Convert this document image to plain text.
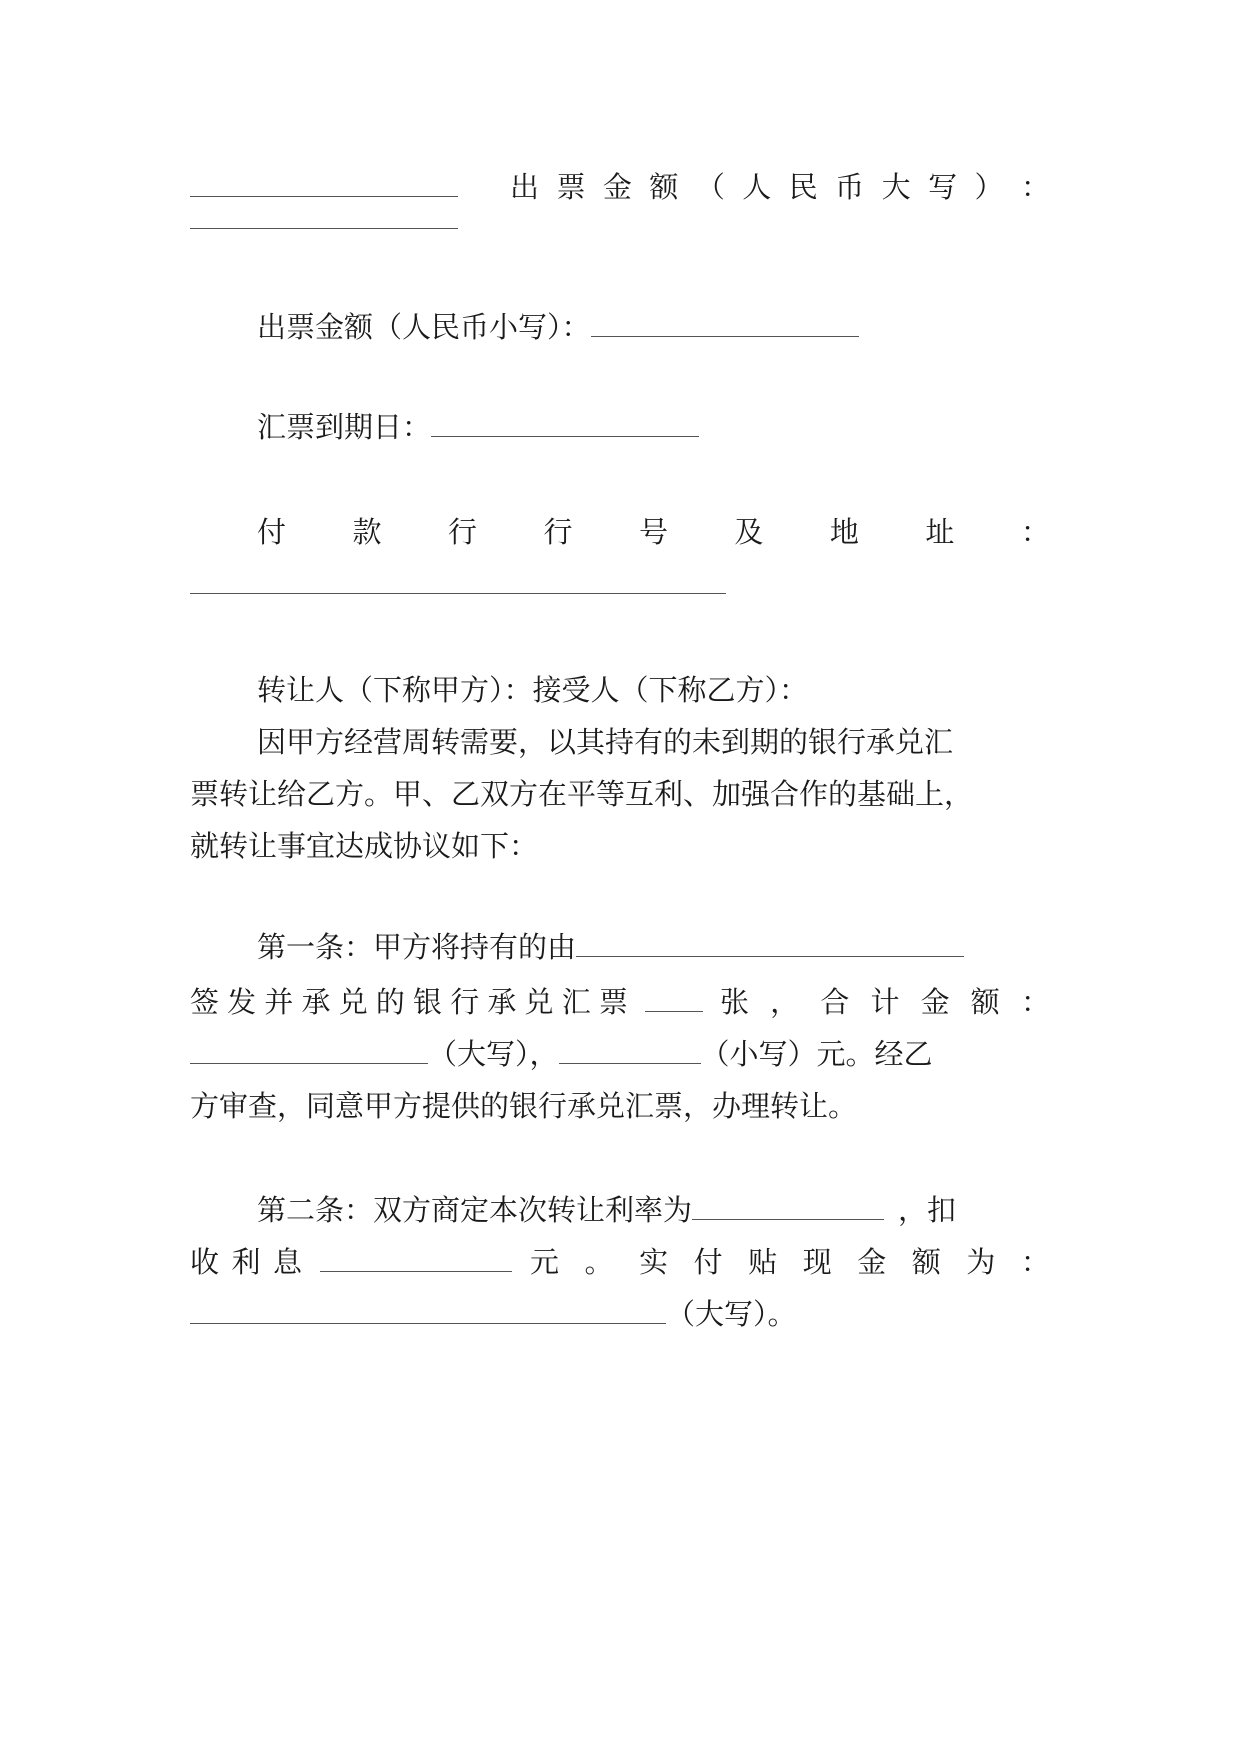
出 票 金 额 （ 人 民 币 大 写 ） ：
出票金额（人民币小写）：
汇票到期日：
付 款 行 行 号 及 地 址 ：
转让人（下称甲方）：接受人（下称乙方）：
因甲方经营周转需要，以其持有的未到期的银行承兑汇
票转让给乙方。甲、乙双方在平等互利、加强合作的基础上，
就转让事宜达成协议如下：
第一条：甲方将持有的由
签 发 并 承 兑 的 银 行 承 兑 汇 票	张 ， 合 计 金 额 ：
（大写），	（小写）元。经乙
方审查，同意甲方提供的银行承兑汇票，办理转让。
第二条：双方商定本次转让利率为	，扣
收 利 息	元 。 实 付 贴 现 金 额 为 ：
（大写）。
